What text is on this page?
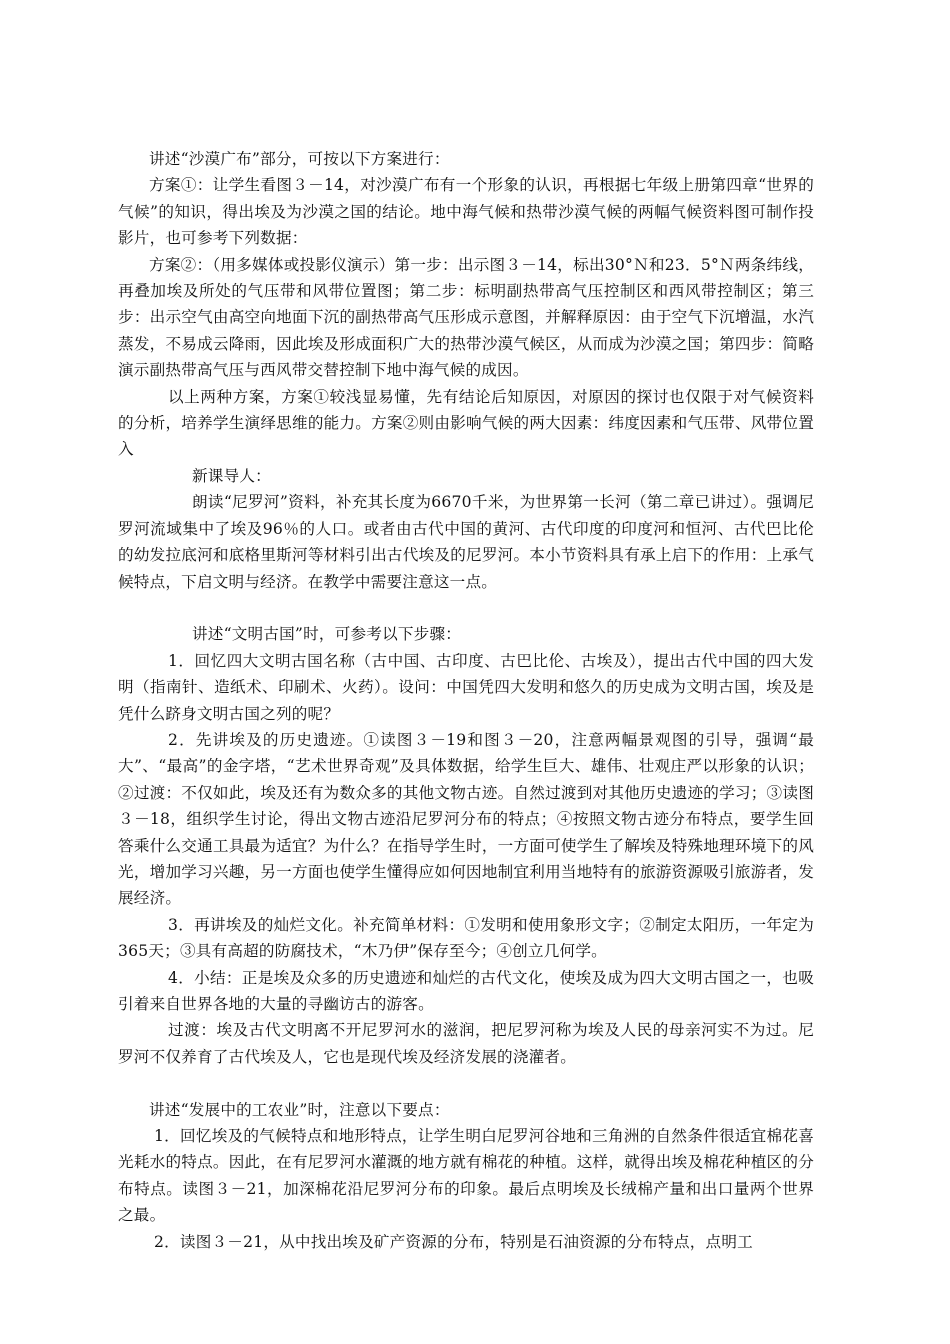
讲述“沙漠广布”部分，可按以下方案进行：

方案①：让学生看图３－14，对沙漠广布有一个形象的认识，再根据七年级上册第四章“世界的气候”的知识，得出埃及为沙漠之国的结论。地中海气候和热带沙漠气候的两幅气候资料图可制作投影片，也可参考下列数据：

方案②：（用多媒体或投影仪演示）第一步：出示图３－14，标出30°Ｎ和23．5°Ｎ两条纬线，再叠加埃及所处的气压带和风带位置图；第二步：标明副热带高气压控制区和西风带控制区；第三步：出示空气由高空向地面下沉的副热带高气压形成示意图，并解释原因：由于空气下沉增温，水汽蒸发，不易成云降雨，因此埃及形成面积广大的热带沙漠气候区，从而成为沙漠之国；第四步：简略演示副热带高气压与西风带交替控制下地中海气候的成因。

以上两种方案，方案①较浅显易懂，先有结论后知原因，对原因的探讨也仅限于对气候资料的分析，培养学生演绎思维的能力。方案②则由影响气候的两大因素：纬度因素和气压带、风带位置入

新课导人：

朗读“尼罗河”资料，补充其长度为6670千米，为世界第一长河（第二章已讲过）。强调尼罗河流域集中了埃及96％的人口。或者由古代中国的黄河、古代印度的印度河和恒河、古代巴比伦的幼发拉底河和底格里斯河等材料引出古代埃及的尼罗河。本小节资料具有承上启下的作用：上承气候特点，下启文明与经济。在教学中需要注意这一点。

讲述“文明古国”时，可参考以下步骤：

1．回忆四大文明古国名称（古中国、古印度、古巴比伦、古埃及），提出古代中国的四大发明（指南针、造纸术、印刷术、火药）。设问：中国凭四大发明和悠久的历史成为文明古国，埃及是凭什么跻身文明古国之列的呢？

2．先讲埃及的历史遗迹。①读图３－19和图３－20，注意两幅景观图的引导，强调“最大”、“最高”的金字塔，“艺术世界奇观”及具体数据，给学生巨大、雄伟、壮观庄严以形象的认识；②过渡：不仅如此，埃及还有为数众多的其他文物古迹。自然过渡到对其他历史遗迹的学习；③读图３－18，组织学生讨论，得出文物古迹沿尼罗河分布的特点；④按照文物古迹分布特点，要学生回答乘什么交通工具最为适宜？为什么？在指导学生时，一方面可使学生了解埃及特殊地理环境下的风光，增加学习兴趣，另一方面也使学生懂得应如何因地制宜利用当地特有的旅游资源吸引旅游者，发展经济。

3．再讲埃及的灿烂文化。补充简单材料：①发明和使用象形文字；②制定太阳历，一年定为365天；③具有高超的防腐技术，“木乃伊”保存至今；④创立几何学。

4．小结：正是埃及众多的历史遗迹和灿烂的古代文化，使埃及成为四大文明古国之一，也吸引着来自世界各地的大量的寻幽访古的游客。

过渡：埃及古代文明离不开尼罗河水的滋润，把尼罗河称为埃及人民的母亲河实不为过。尼罗河不仅养育了古代埃及人，它也是现代埃及经济发展的浇灌者。

讲述“发展中的工农业”时，注意以下要点：

1．回忆埃及的气候特点和地形特点，让学生明白尼罗河谷地和三角洲的自然条件很适宜棉花喜光耗水的特点。因此，在有尼罗河水灌溉的地方就有棉花的种植。这样，就得出埃及棉花种植区的分布特点。读图３－21，加深棉花沿尼罗河分布的印象。最后点明埃及长绒棉产量和出口量两个世界之最。

2．读图３－21，从中找出埃及矿产资源的分布，特别是石油资源的分布特点，点明工
